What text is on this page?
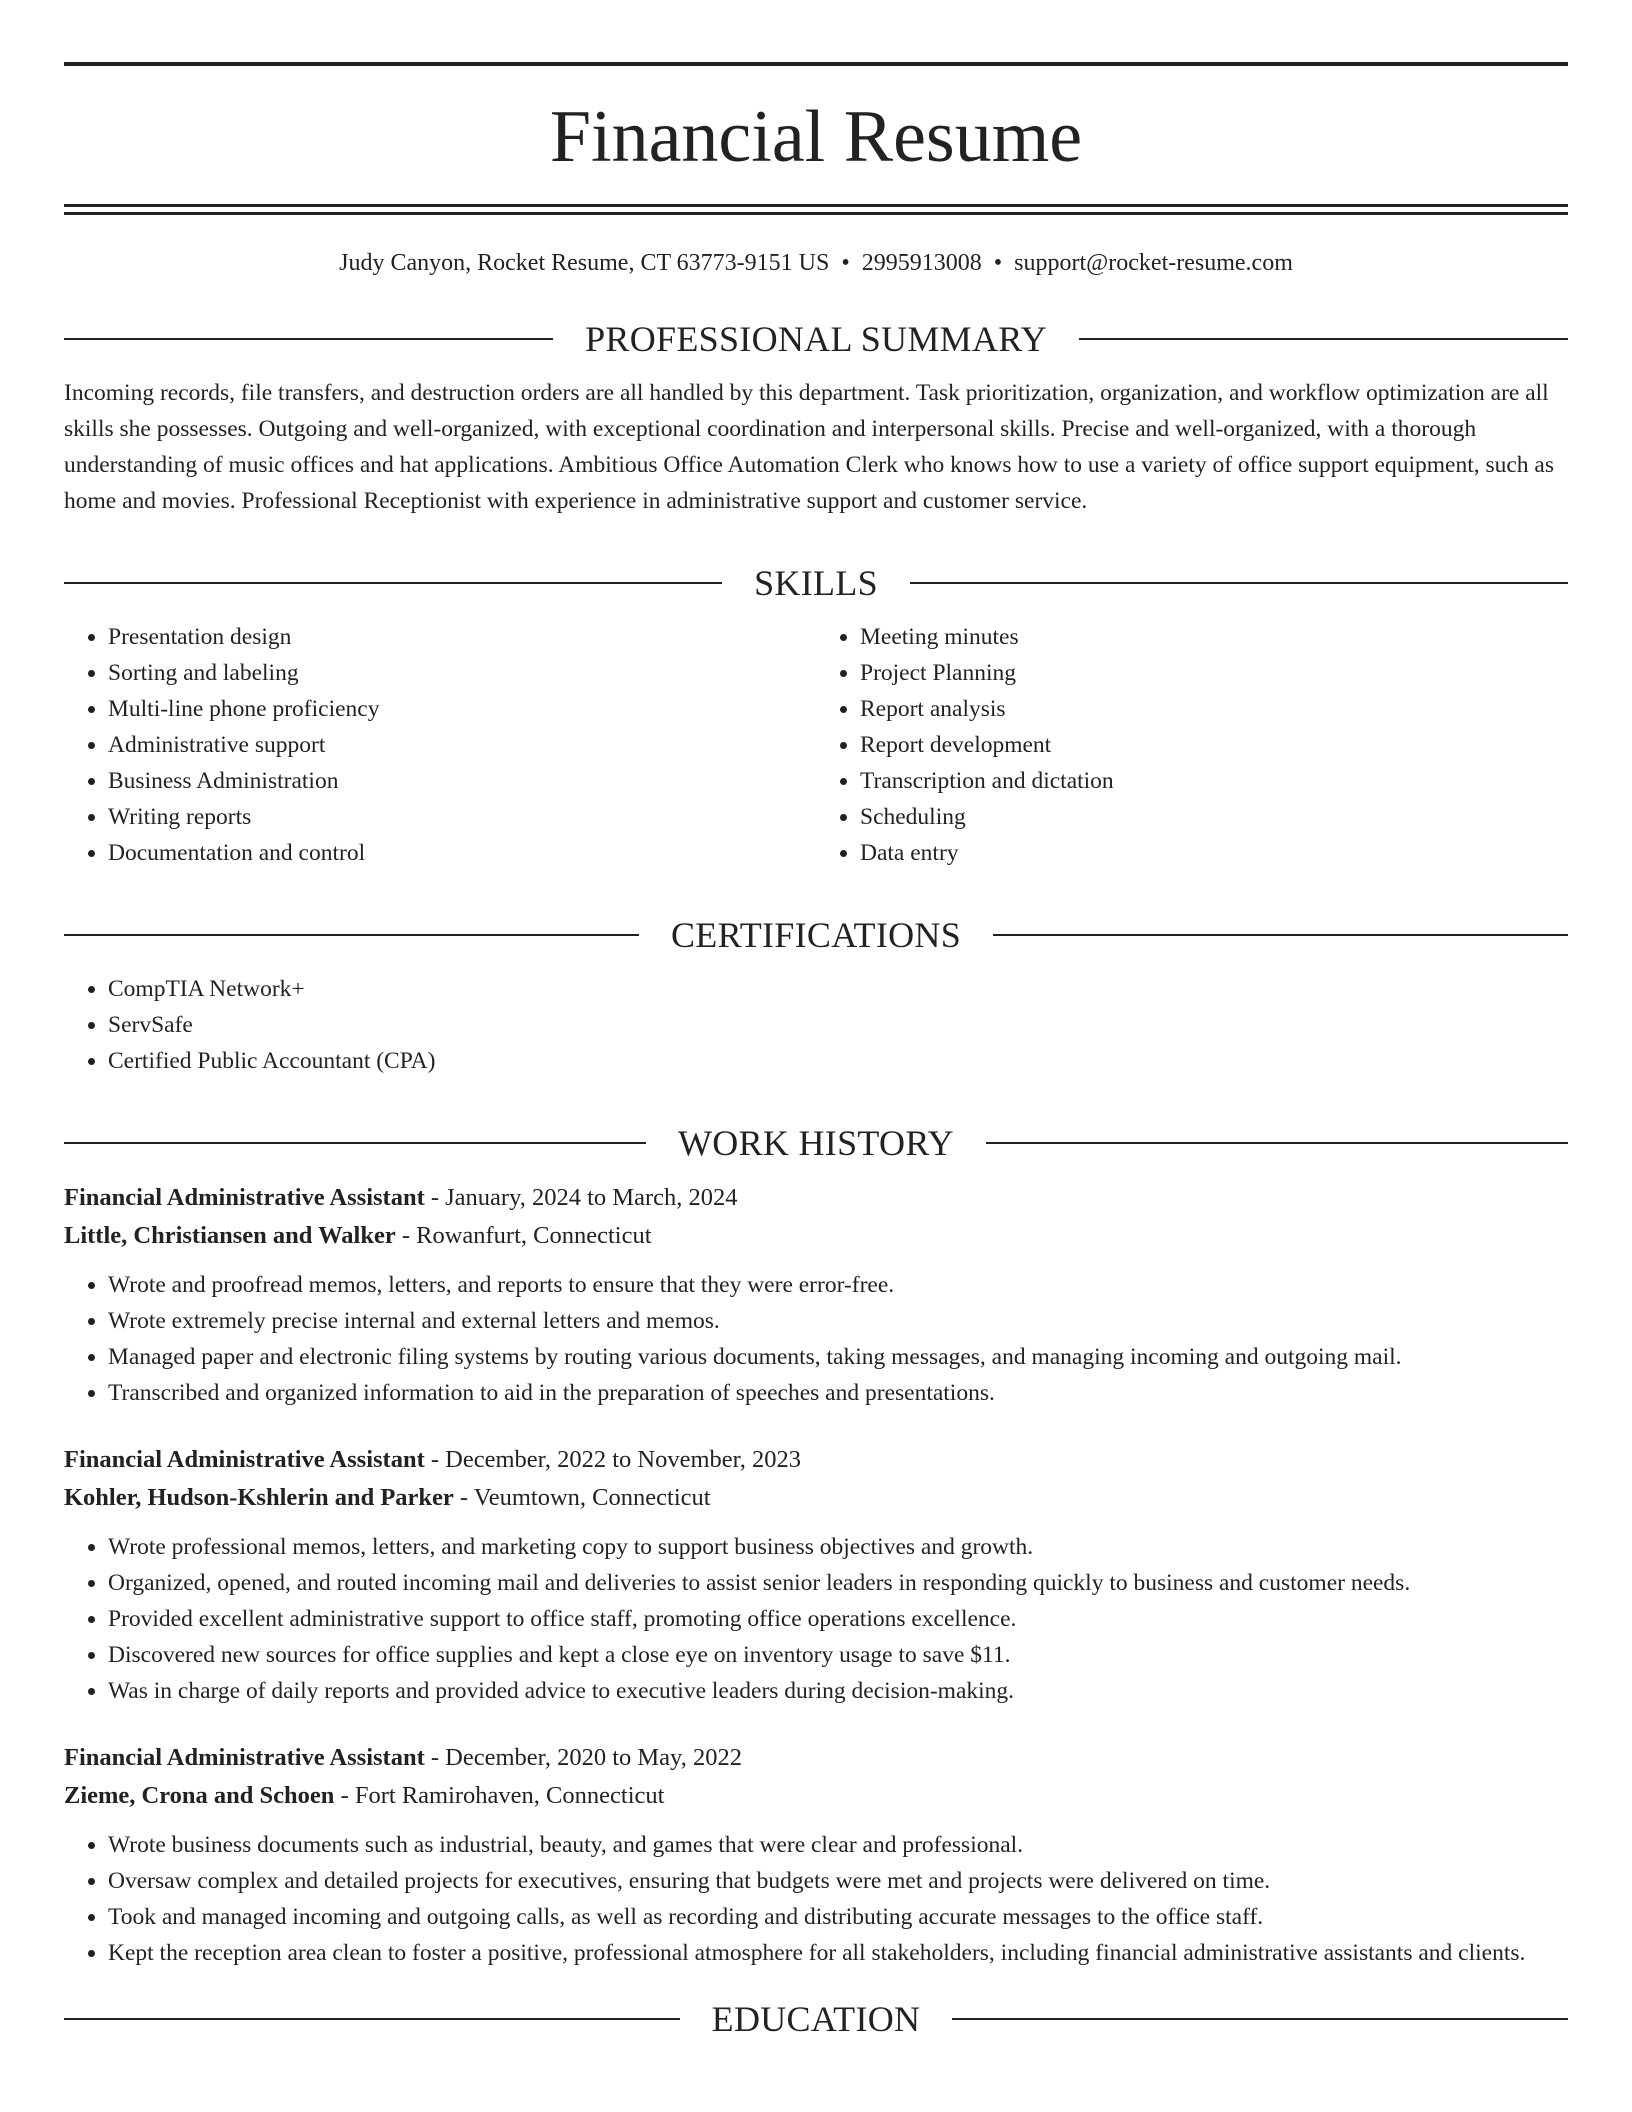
Financial Resume
Judy Canyon, Rocket Resume, CT 63773-9151 US • 2995913008 • support@rocket-resume.com
PROFESSIONAL SUMMARY

Incoming records, file transfers, and destruction orders are all handled by this department. Task prioritization, organization, and workflow optimization are all skills she possesses. Outgoing and well-organized, with exceptional coordination and interpersonal skills. Precise and well-organized, with a thorough understanding of music offices and hat applications. Ambitious Office Automation Clerk who knows how to use a variety of office support equipment, such as home and movies. Professional Receptionist with experience in administrative support and customer service.

SKILLS
• Presentation design
• Sorting and labeling
• Multi-line phone proficiency
• Administrative support
• Business Administration
• Writing reports
• Documentation and control
• Meeting minutes
• Project Planning
• Report analysis
• Report development
• Transcription and dictation
• Scheduling
• Data entry
CERTIFICATIONS
• CompTIA Network+
• ServSafe
• Certified Public Accountant (CPA)
WORK HISTORY
Financial Administrative Assistant - January, 2024 to March, 2024
Little, Christiansen and Walker - Rowanfurt, Connecticut
• Wrote and proofread memos, letters, and reports to ensure that they were error-free.
• Wrote extremely precise internal and external letters and memos.
• Managed paper and electronic filing systems by routing various documents, taking messages, and managing incoming and outgoing mail.
• Transcribed and organized information to aid in the preparation of speeches and presentations.
Financial Administrative Assistant - December, 2022 to November, 2023
Kohler, Hudson-Kshlerin and Parker - Veumtown, Connecticut
• Wrote professional memos, letters, and marketing copy to support business objectives and growth.
• Organized, opened, and routed incoming mail and deliveries to assist senior leaders in responding quickly to business and customer needs.
• Provided excellent administrative support to office staff, promoting office operations excellence.
• Discovered new sources for office supplies and kept a close eye on inventory usage to save $11.
• Was in charge of daily reports and provided advice to executive leaders during decision-making.
Financial Administrative Assistant - December, 2020 to May, 2022
Zieme, Crona and Schoen - Fort Ramirohaven, Connecticut
• Wrote business documents such as industrial, beauty, and games that were clear and professional.
• Oversaw complex and detailed projects for executives, ensuring that budgets were met and projects were delivered on time.
• Took and managed incoming and outgoing calls, as well as recording and distributing accurate messages to the office staff.
• Kept the reception area clean to foster a positive, professional atmosphere for all stakeholders, including financial administrative assistants and clients.
EDUCATION
